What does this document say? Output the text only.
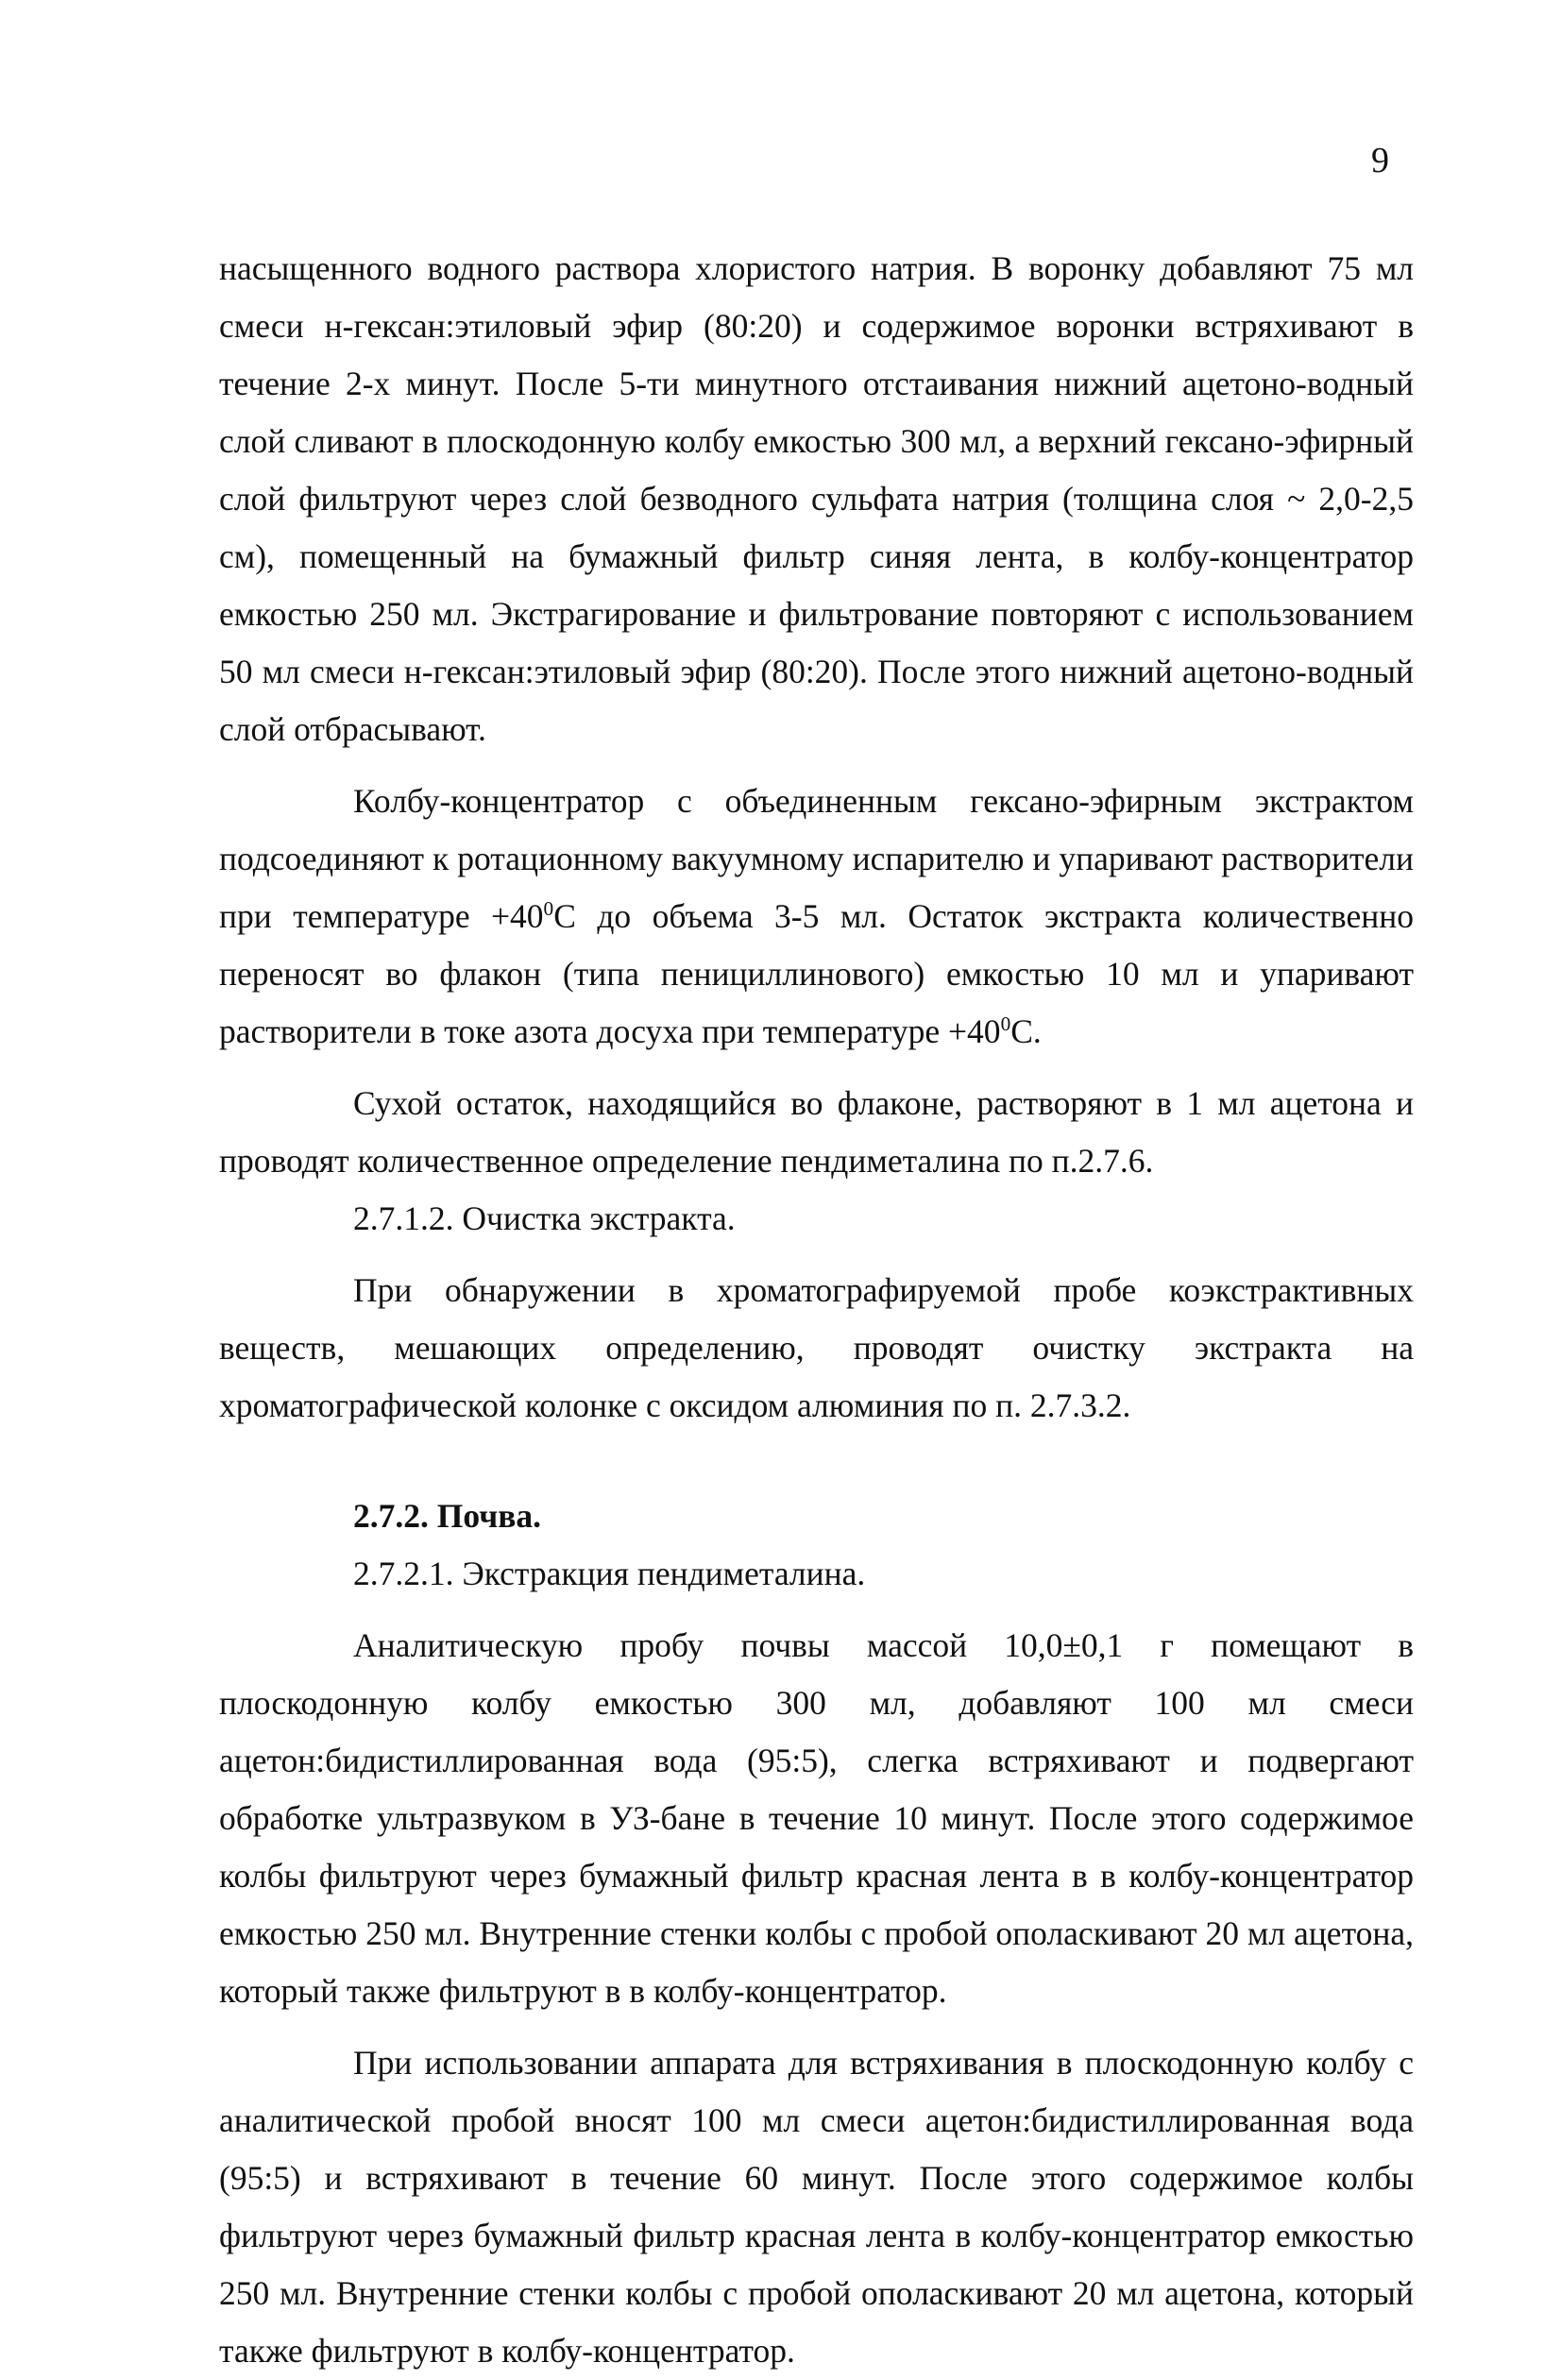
9

насыщенного водного раствора хлористого натрия. В воронку добавляют 75 мл смеси н-гексан:этиловый эфир (80:20) и содержимое воронки встряхивают в течение 2-х минут. После 5-ти минутного отстаивания нижний ацетоно-водный слой сливают в плоскодонную колбу емкостью 300 мл, а верхний гексано-эфирный слой фильтруют через слой безводного сульфата натрия (толщина слоя ~ 2,0-2,5 см), помещенный на бумажный фильтр синяя лента, в колбу-концентратор емкостью 250 мл. Экстрагирование и фильтрование повторяют с использованием 50 мл смеси н-гексан:этиловый эфир (80:20). После этого нижний ацетоно-водный слой отбрасывают.

Колбу-концентратор с объединенным гексано-эфирным экстрактом подсоединяют к ротационному вакуумному испарителю и упаривают растворители при температуре $+40^0С$ до объема 3-5 мл. Остаток экстракта количественно переносят во флакон (типа пенициллинового) емкостью 10 мл и упаривают растворители в токе азота досуха при температуре $+40^0С$.

Сухой остаток, находящийся во флаконе, растворяют в 1 мл ацетона и проводят количественное определение пендиметалина по п.2.7.6.

2.7.1.2. Очистка экстракта.

При обнаружении в хроматографируемой пробе коэкстрактивных веществ, мешающих определению, проводят очистку экстракта на хроматографической колонке с оксидом алюминия по п. 2.7.3.2.

2.7.2. Почва.

2.7.2.1. Экстракция пендиметалина.

Аналитическую пробу почвы массой 10,0±0,1 г помещают в плоскодонную колбу емкостью 300 мл, добавляют 100 мл смеси ацетон:бидистиллированная вода (95:5), слегка встряхивают и подвергают обработке ультразвуком в УЗ-бане в течение 10 минут. После этого содержимое колбы фильтруют через бумажный фильтр красная лента в в колбу-концентратор емкостью 250 мл. Внутренние стенки колбы с пробой ополаскивают 20 мл ацетона, который также фильтруют в в колбу-концентратор.

При использовании аппарата для встряхивания в плоскодонную колбу с аналитической пробой вносят 100 мл смеси ацетон:бидистиллированная вода (95:5) и встряхивают в течение 60 минут. После этого содержимое колбы фильтруют через бумажный фильтр красная лента в колбу-концентратор емкостью 250 мл. Внутренние стенки колбы с пробой ополаскивают 20 мл ацетона, который также фильтруют в колбу-концентратор.
